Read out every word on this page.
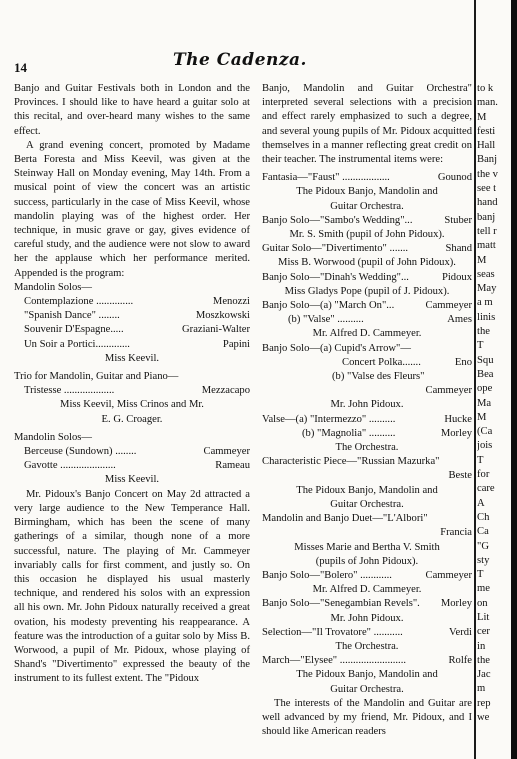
14	The Cadenza.

Banjo and Guitar Festivals both in London and the Provinces. I should like to have heard a guitar solo at this recital, and over-heard many wishes to the same effect.

A grand evening concert, promoted by Madame Berta Foresta and Miss Keevil, was given at the Steinway Hall on Monday evening, May 14th. From a musical point of view the concert was an artistic success, particularly in the case of Miss Keevil, whose mandolin playing was of the highest order. Her technique, in music grave or gay, gives evidence of careful study, and the audience were not slow to award her the applause which her performance merited. Appended is the program:

Mandolin Solos—
Contemplazione ..............	Menozzi
"Spanish Dance" ........	Moszkowski
Souvenir D'Espagne.....	Graziani-Walter
Un Soir a Portici.............	Papini
Miss Keevil.
Trio for Mandolin, Guitar and Piano—
Tristesse ...................	Mezzacapo
Miss Keevil, Miss Crinos and Mr.
E. G. Croager.
Mandolin Solos—
Berceuse (Sundown) ........	Cammeyer
Gavotte .....................	Rameau
Miss Keevil.

Mr. Pidoux's Banjo Concert on May 2d attracted a very large audience to the New Temperance Hall. Birmingham, which has been the scene of many gatherings of a similar, though none of a more successful, nature. The playing of Mr. Cammeyer invariably calls for first comment, and justly so. On this occasion he displayed his usual masterly technique, and rendered his solos with an expression all his own. Mr. John Pidoux naturally received a great ovation, his modesty preventing his reappearance. A feature was the introduction of a guitar solo by Miss B. Worwood, a pupil of Mr. Pidoux, whose playing of Shand's "Divertimento" expressed the beauty of the instrument to its fullest extent. The "Pidoux

Banjo, Mandolin and Guitar Orchestra" interpreted several selections with a precision and effect rarely emphasized to such a degree, and several young pupils of Mr. Pidoux acquitted themselves in a manner reflecting great credit on their teacher. The instrumental items were:

Fantasia—"Faust" ..................	Gounod
The Pidoux Banjo, Mandolin and
Guitar Orchestra.
Banjo Solo—"Sambo's Wedding"...	Stuber
Mr. S. Smith (pupil of John Pidoux).
Guitar Solo—"Divertimento" .......	Shand
Miss B. Worwood (pupil of John Pidoux).
Banjo Solo—"Dinah's Wedding"...	Pidoux
Miss Gladys Pope (pupil of J. Pidoux).
Banjo Solo—(a) "March On"...	Cammeyer
(b) "Valse" ..........	Ames
Mr. Alfred D. Cammeyer.
Banjo Solo—(a) Cupid's Arrow"—
Concert Polka.......	Eno
(b) "Valse des Fleurs"
Cammeyer
Mr. John Pidoux.
Valse—(a) "Intermezzo" ..........	Hucke
(b) "Magnolia" ..........	Morley
The Orchestra.
Characteristic Piece—"Russian Mazurka"
Beste
The Pidoux Banjo, Mandolin and
Guitar Orchestra.
Mandolin and Banjo Duet—"L'Albori"
Francia
Misses Marie and Bertha V. Smith
(pupils of John Pidoux).
Banjo Solo—"Bolero" ............	Cammeyer
Mr. Alfred D. Cammeyer.
Banjo Solo—"Senegambian Revels". Morley
Mr. John Pidoux.
Selection—"Il Trovatore" ...........	Verdi
The Orchestra.
March—"Elysee" .........................	Rolfe
The Pidoux Banjo, Mandolin and
Guitar Orchestra.

The interests of the Mandolin and Guitar are well advanced by my friend, Mr. Pidoux, and I should like American readers

to k
man.
M
festi
Hall
Banj
the v
see t
hand
banj
tell r
matt
M
seas
May
a m
linis
the
T
Squ
Bea
ope
Ma
M
(Ca
jois
T
for
care
A
Ch
Ca
"G
sty
T
me
on
Lit
cer
in
the
Jac
m
rep
we
